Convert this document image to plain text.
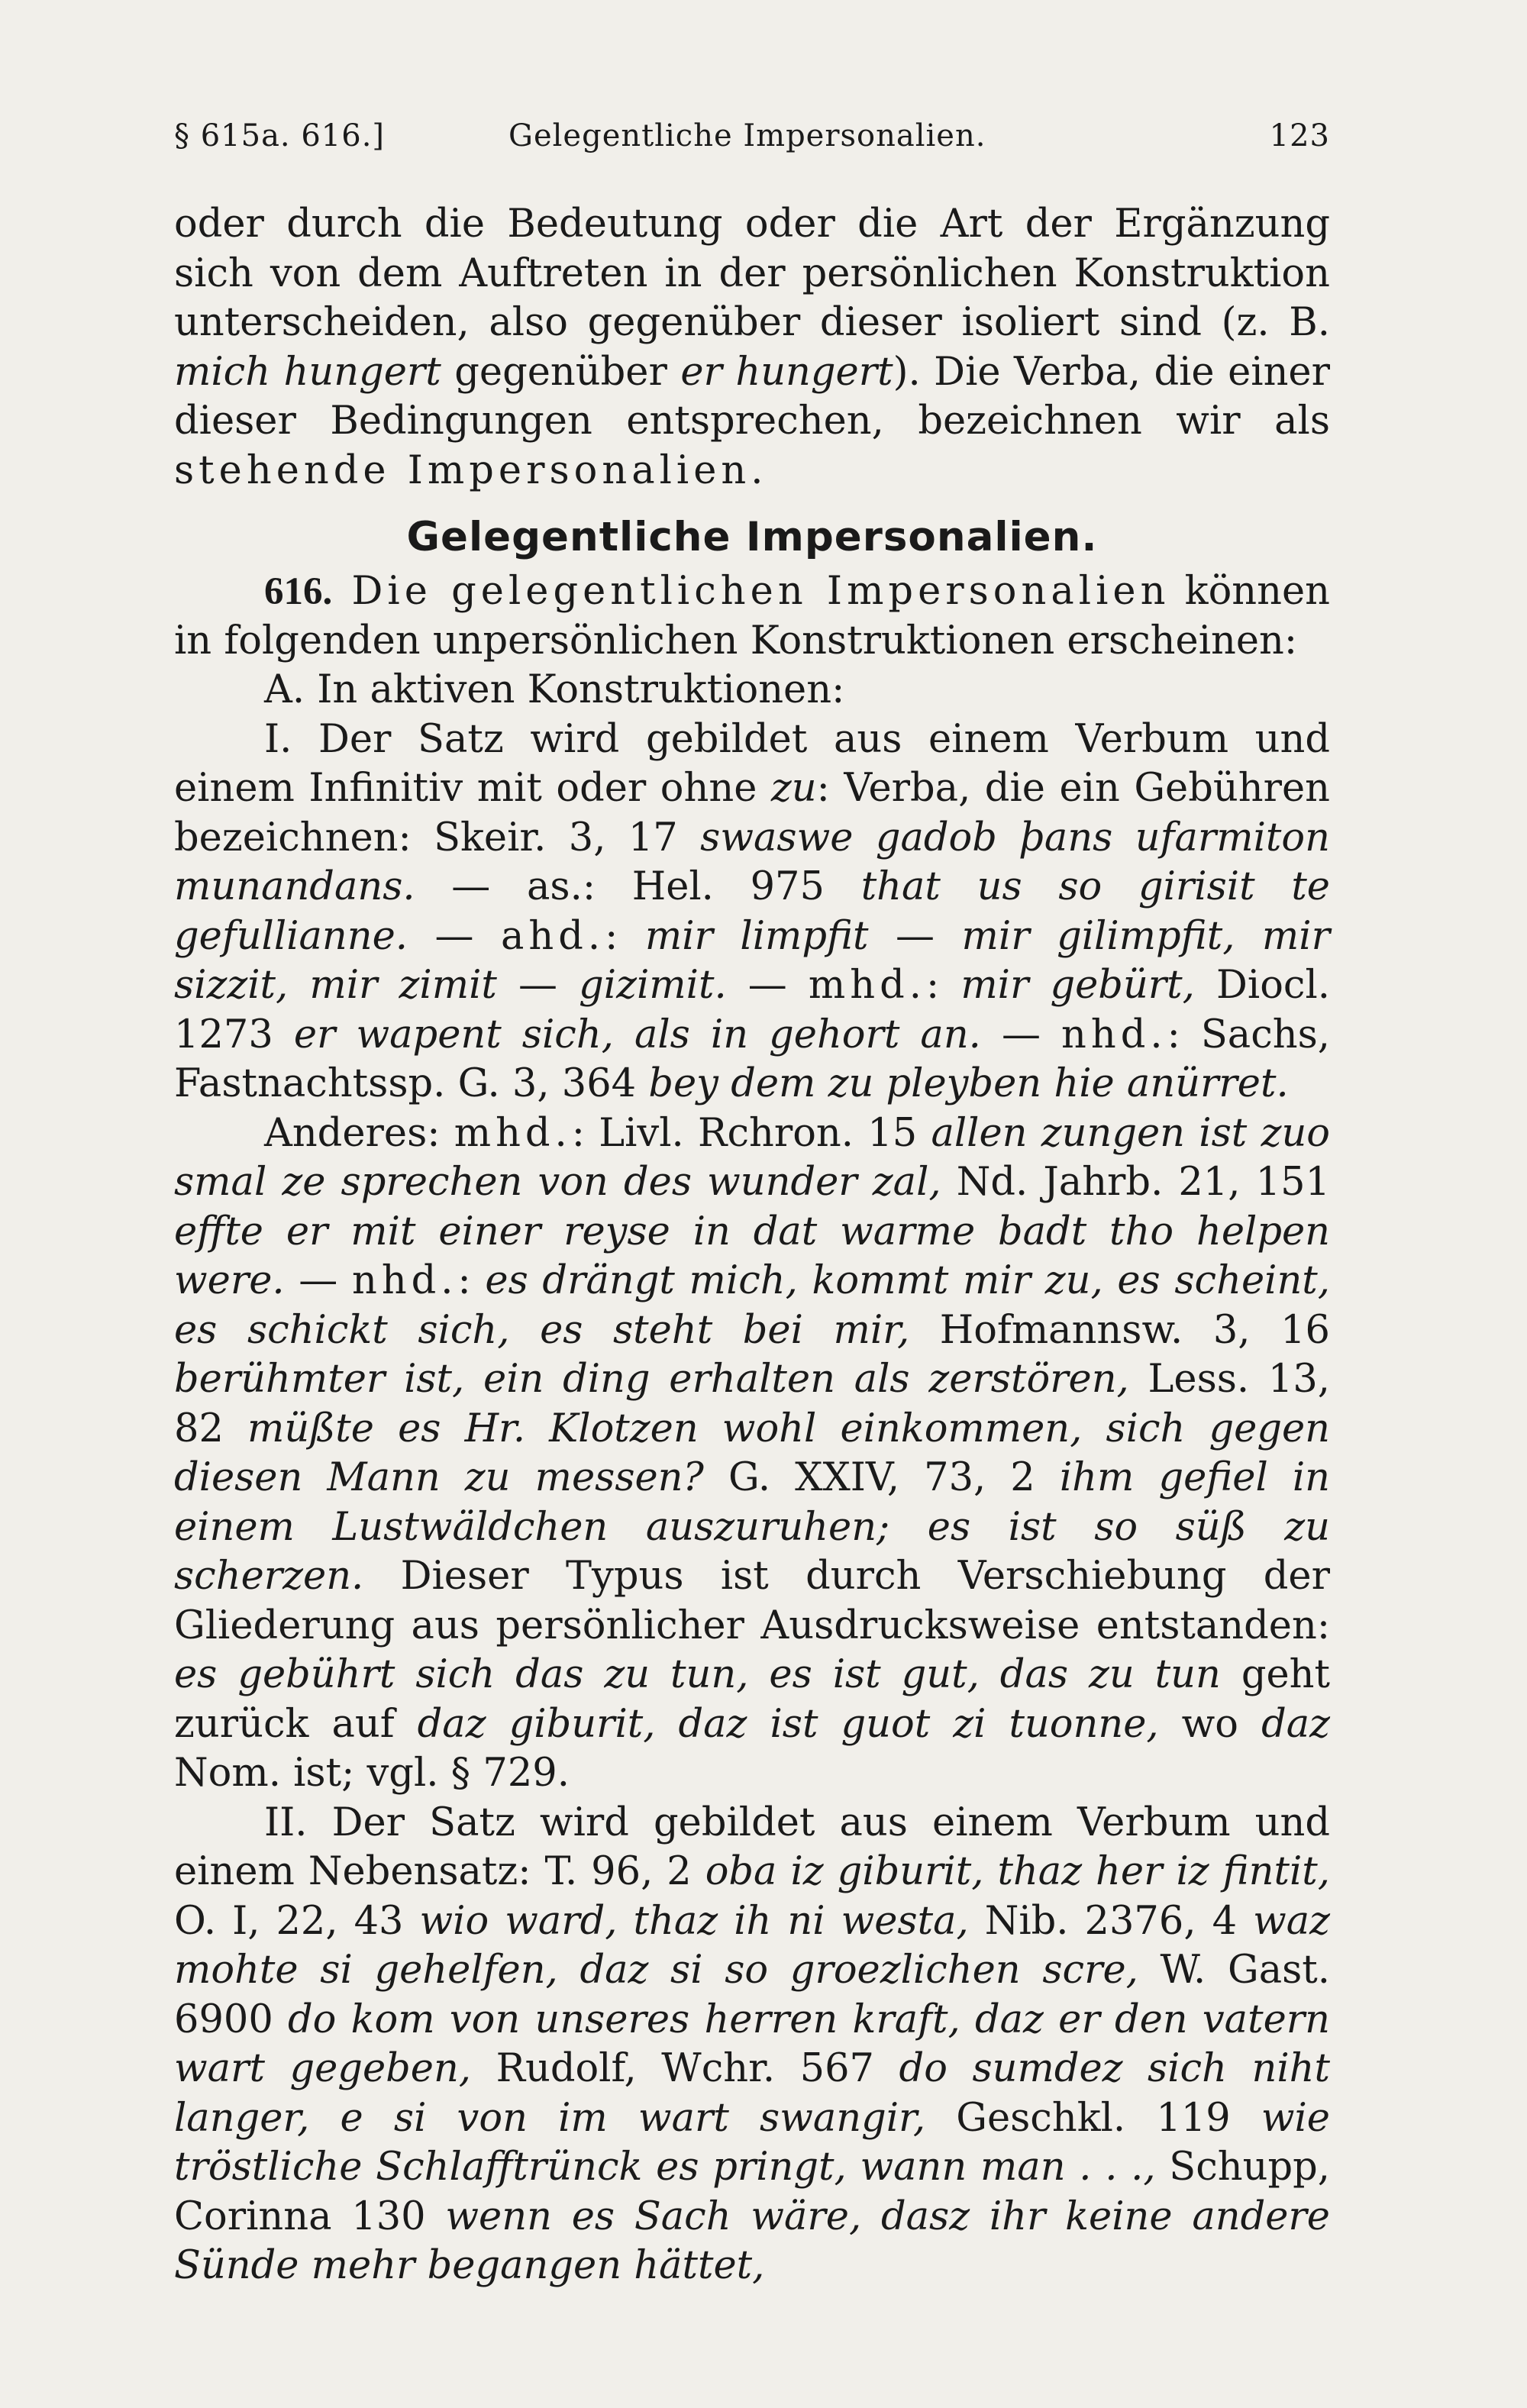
§ 615a. 616.]	Gelegentliche Impersonalien.	123

oder durch die Bedeutung oder die Art der Ergänzung sich von dem Auftreten in der persönlichen Konstruktion unterscheiden, also gegenüber dieser isoliert sind (z. B. mich hungert gegenüber er hungert). Die Verba, die einer dieser Bedingungen entsprechen, bezeichnen wir als stehende Impersonalien.

Gelegentliche Impersonalien.

616. Die gelegentlichen Impersonalien können in folgenden unpersönlichen Konstruktionen erscheinen:

A. In aktiven Konstruktionen:

I. Der Satz wird gebildet aus einem Verbum und einem Infinitiv mit oder ohne zu: Verba, die ein Gebühren bezeichnen: Skeir. 3, 17 swaswe gadob þans ufarmiton munandans. — as.: Hel. 975 that us so girisit te gefullianne. — ahd.: mir limpfit — mir gilimpfit, mir sizzit, mir zimit — gizimit. — mhd.: mir gebürt, Diocl. 1273 er wapent sich, als in gehort an. — nhd.: Sachs, Fastnachtssp. G. 3, 364 bey dem zu pleyben hie anürret.

Anderes: mhd.: Livl. Rchron. 15 allen zungen ist zuo smal ze sprechen von des wunder zal, Nd. Jahrb. 21, 151 effte er mit einer reyse in dat warme badt tho helpen were. — nhd.: es drängt mich, kommt mir zu, es scheint, es schickt sich, es steht bei mir, Hofmannsw. 3, 16 berühmter ist, ein ding erhalten als zerstören, Less. 13, 82 müßte es Hr. Klotzen wohl einkommen, sich gegen diesen Mann zu messen? G. XXIV, 73, 2 ihm gefiel in einem Lustwäldchen auszuruhen; es ist so süß zu scherzen. Dieser Typus ist durch Verschiebung der Gliederung aus persönlicher Ausdrucksweise entstanden: es gebührt sich das zu tun, es ist gut, das zu tun geht zurück auf daz giburit, daz ist guot zi tuonne, wo daz Nom. ist; vgl. § 729.

II. Der Satz wird gebildet aus einem Verbum und einem Nebensatz: T. 96, 2 oba iz giburit, thaz her iz fintit, O. I, 22, 43 wio ward, thaz ih ni westa, Nib. 2376, 4 waz mohte si gehelfen, daz si so groezlichen scre, W. Gast. 6900 do kom von unseres herren kraft, daz er den vatern wart gegeben, Rudolf, Wchr. 567 do sumdez sich niht langer, e si von im wart swangir, Geschkl. 119 wie tröstliche Schlafftrünck es pringt, wann man . . ., Schupp, Corinna 130 wenn es Sach wäre, dasz ihr keine andere Sünde mehr begangen hättet,
